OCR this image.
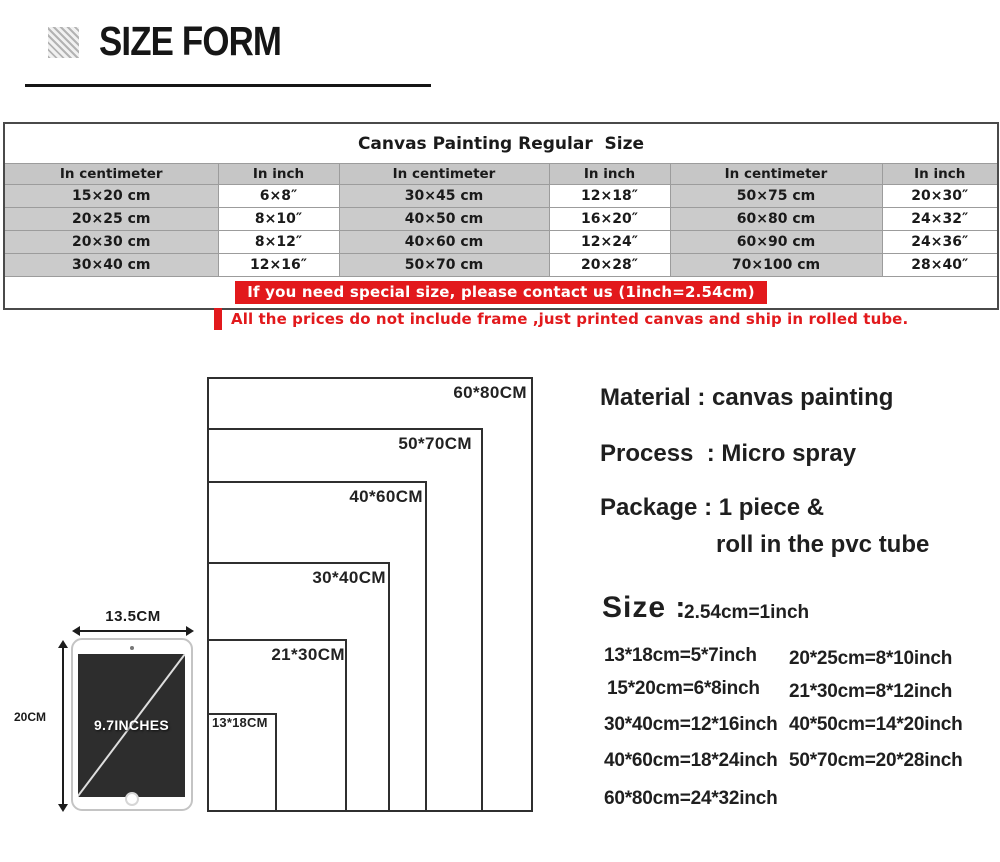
SIZE FORM
Canvas Painting Regular  Size					
In centimeter	In inch	In centimeter	In inch	In centimeter	In inch
15×20 cm	6×8″	30×45 cm	12×18″	50×75 cm	20×30″
20×25 cm	8×10″	40×50 cm	16×20″	60×80 cm	24×32″
20×30 cm	8×12″	40×60 cm	12×24″	60×90 cm	24×36″
30×40 cm	12×16″	50×70 cm	20×28″	70×100 cm	28×40″
If you need special size, please contact us (1inch=2.54cm)					
All the prices do not include frame ,just printed canvas and ship in rolled tube.
60*80CM
50*70CM
40*60CM
30*40CM
21*30CM
13*18CM
13.5CM
20CM	9.7INCHES
Material : canvas painting
Process  : Micro spray
Package : 1 piece &
roll in the pvc tube
Size :
2.54cm=1inch
13*18cm=5*7inch
15*20cm=6*8inch
30*40cm=12*16inch
40*60cm=18*24inch
60*80cm=24*32inch
20*25cm=8*10inch
21*30cm=8*12inch
40*50cm=14*20inch
50*70cm=20*28inch
